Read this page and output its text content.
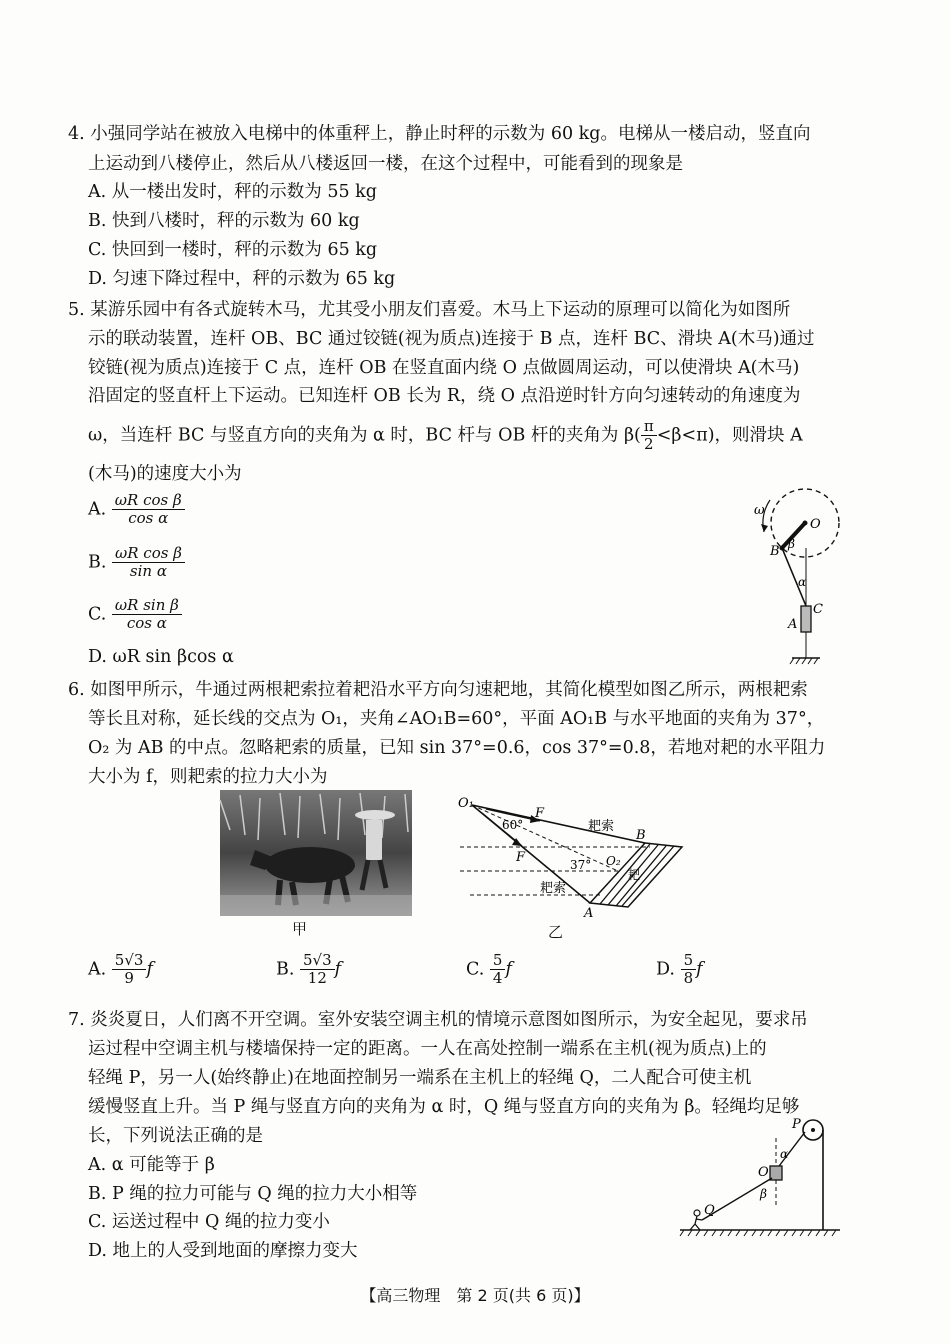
4. 小强同学站在被放入电梯中的体重秤上，静止时秤的示数为 60 kg。电梯从一楼启动，竖直向
上运动到八楼停止，然后从八楼返回一楼，在这个过程中，可能看到的现象是
A. 从一楼出发时，秤的示数为 55 kg
B. 快到八楼时，秤的示数为 60 kg
C. 快回到一楼时，秤的示数为 65 kg
D. 匀速下降过程中，秤的示数为 65 kg
5. 某游乐园中有各式旋转木马，尤其受小朋友们喜爱。木马上下运动的原理可以简化为如图所
示的联动装置，连杆 OB、BC 通过铰链(视为质点)连接于 B 点，连杆 BC、滑块 A(木马)通过
铰链(视为质点)连接于 C 点，连杆 OB 在竖直面内绕 O 点做圆周运动，可以使滑块 A(木马)
沿固定的竖直杆上下运动。已知连杆 OB 长为 R，绕 O 点沿逆时针方向匀速转动的角速度为
ω，当连杆 BC 与竖直方向的夹角为 α 时，BC 杆与 OB 杆的夹角为 $\beta( \frac{\pi}{2} <\beta<\pi)$，则滑块 A
(木马)的速度大小为
A. $\frac{\text{ωR cos β}}{\text{cos α}}$
B. $\frac{\text{ωR cos β}}{\text{sin α}}$
C. $\frac{\text{ωR sin β}}{\text{cos α}}$
D. ωR sin βcos α
ω
O
B β
α
C
A
6. 如图甲所示，牛通过两根耙索拉着耙沿水平方向匀速耙地，其简化模型如图乙所示，两根耙索
等长且对称，延长线的交点为 O₁，夹角∠AO₁B=60°，平面 AO₁B 与水平地面的夹角为 37°，
O₂ 为 AB 的中点。忽略耙索的质量，已知 sin 37°=0.6，cos 37°=0.8，若地对耙的水平阻力
大小为 f，则耙索的拉力大小为
甲
O₁
F
60°	耙索
B
F	37° O₂
耙
耙索
A
乙
A. $\frac{5√3}{9}$ f	B. $\frac{5√3}{12}$ f	C. $\frac{5}{4}$ f	D. $\frac{5}{8}$ f
7. 炎炎夏日，人们离不开空调。室外安装空调主机的情境示意图如图所示，为安全起见，要求吊
运过程中空调主机与楼墙保持一定的距离。一人在高处控制一端系在主机(视为质点)上的
轻绳 P，另一人(始终静止)在地面控制另一端系在主机上的轻绳 Q，二人配合可使主机
缓慢竖直上升。当 P 绳与竖直方向的夹角为 α 时，Q 绳与竖直方向的夹角为 β。轻绳均足够
长，下列说法正确的是
A. α 可能等于 β
B. P 绳的拉力可能与 Q 绳的拉力大小相等
C. 运送过程中 Q 绳的拉力变小
D. 地上的人受到地面的摩擦力变大
P
α
O
β
Q
【高三物理　第 2 页(共 6 页)】
